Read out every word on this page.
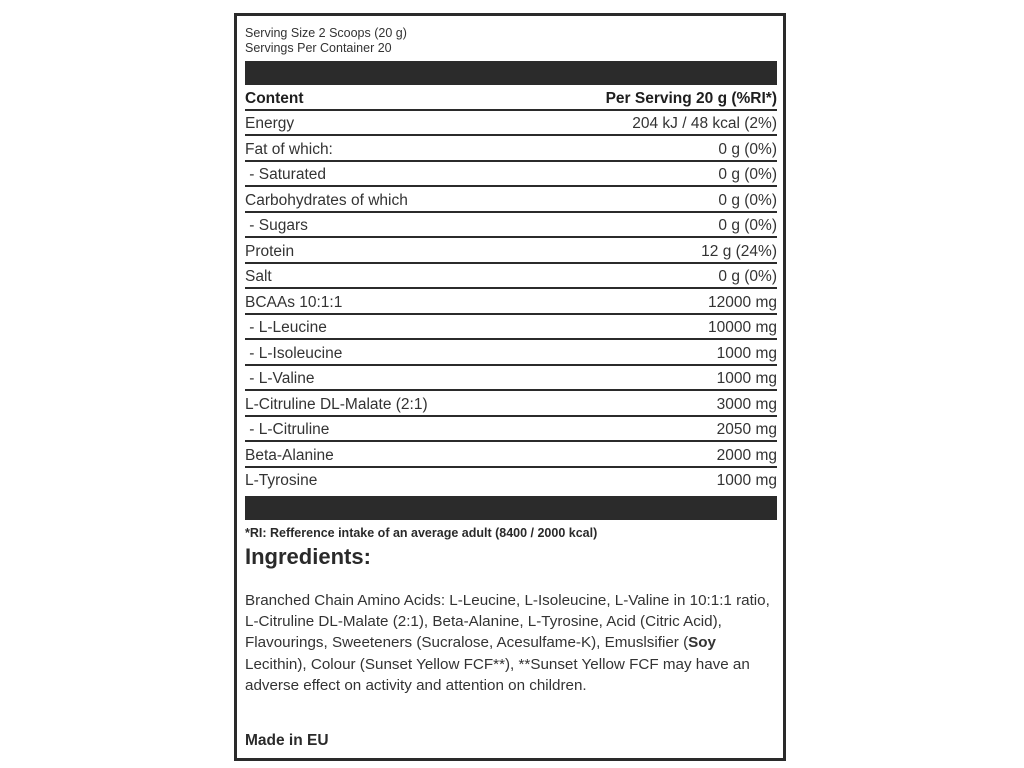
Serving Size 2 Scoops (20 g)
Servings Per Container 20
Content	Per Serving 20 g (%RI*)
Energy	204 kJ / 48 kcal (2%)
Fat of which:	0 g (0%)
- Saturated	0 g (0%)
Carbohydrates of which	0 g (0%)
- Sugars	0 g (0%)
Protein	12 g (24%)
Salt	0 g (0%)
BCAAs 10:1:1	12000 mg
- L-Leucine	10000 mg
- L-Isoleucine	1000 mg
- L-Valine	1000 mg
L-Citruline DL-Malate (2:1)	3000 mg
- L-Citruline	2050 mg
Beta-Alanine	2000 mg
L-Tyrosine	1000 mg
*RI: Refference intake of an average adult (8400 / 2000 kcal)
Ingredients:
Branched Chain Amino Acids: L-Leucine, L-Isoleucine, L-Valine in 10:1:1 ratio, L-Citruline DL-Malate (2:1), Beta-Alanine, L-Tyrosine, Acid (Citric Acid), Flavourings, Sweeteners (Sucralose, Acesulfame-K), Emuslsifier (Soy Lecithin), Colour (Sunset Yellow FCF**), **Sunset Yellow FCF may have an adverse effect on activity and attention on children.
Made in EU
